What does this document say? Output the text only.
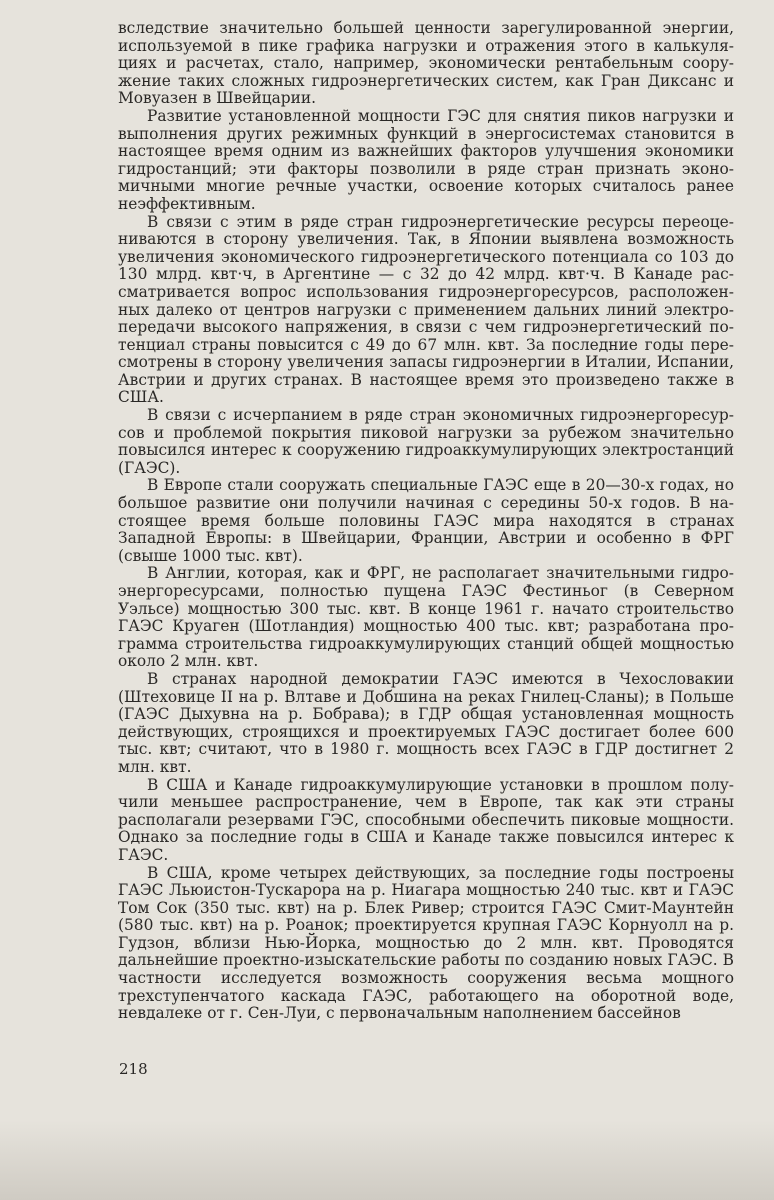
вследствие значительно большей ценности зарегулированной энергии, используемой в пике графика нагрузки и отражения этого в калькуляциях и расчетах, стало, например, экономически рентабельным сооружение таких сложных гидроэнергетических систем, как Гран Диксанс и Мовуазен в Швейцарии.

Развитие установленной мощности ГЭС для снятия пиков нагрузки и выполнения других режимных функций в энергосистемах становится в настоящее время одним из важнейших факторов улучшения экономики гидростанций; эти факторы позволили в ряде стран признать экономичными многие речные участки, освоение которых считалось ранее неэффективным.

В связи с этим в ряде стран гидроэнергетические ресурсы переоцениваются в сторону увеличения. Так, в Японии выявлена возможность увеличения экономического гидроэнергетического потенциала со 103 до 130 млрд. квт·ч, в Аргентине — с 32 до 42 млрд. квт·ч. В Канаде рассматривается вопрос использования гидроэнергоресурсов, расположенных далеко от центров нагрузки с применением дальних линий электропередачи высокого напряжения, в связи с чем гидроэнергетический потенциал страны повысится с 49 до 67 млн. квт. За последние годы пересмотрены в сторону увеличения запасы гидроэнергии в Италии, Испании, Австрии и других странах. В настоящее время это произведено также в США.

В связи с исчерпанием в ряде стран экономичных гидроэнергоресурсов и проблемой покрытия пиковой нагрузки за рубежом значительно повысился интерес к сооружению гидроаккумулирующих электростанций (ГАЭС).

В Европе стали сооружать специальные ГАЭС еще в 20—30-х годах, но большое развитие они получили начиная с середины 50-х годов. В настоящее время больше половины ГАЭС мира находятся в странах Западной Европы: в Швейцарии, Франции, Австрии и особенно в ФРГ (свыше 1000 тыс. квт).

В Англии, которая, как и ФРГ, не располагает значительными гидроэнергоресурсами, полностью пущена ГАЭС Фестиньог (в Северном Уэльсе) мощностью 300 тыс. квт. В конце 1961 г. начато строительство ГАЭС Круаген (Шотландия) мощностью 400 тыс. квт; разработана программа строительства гидроаккумулирующих станций общей мощностью около 2 млн. квт.

В странах народной демократии ГАЭС имеются в Чехословакии (Штеховице II на р. Влтаве и Добшина на реках Гнилец-Сланы); в Польше (ГАЭС Дыхувна на р. Бобрава); в ГДР общая установленная мощность действующих, строящихся и проектируемых ГАЭС достигает более 600 тыс. квт; считают, что в 1980 г. мощность всех ГАЭС в ГДР достигнет 2 млн. квт.

В США и Канаде гидроаккумулирующие установки в прошлом получили меньшее распространение, чем в Европе, так как эти страны располагали резервами ГЭС, способными обеспечить пиковые мощности. Однако за последние годы в США и Канаде также повысился интерес к ГАЭС.

В США, кроме четырех действующих, за последние годы построены ГАЭС Льюистон-Тускарора на р. Ниагара мощностью 240 тыс. квт и ГАЭС Том Сок (350 тыс. квт) на р. Блек Ривер; строится ГАЭС Смит-Маунтейн (580 тыс. квт) на р. Роанок; проектируется крупная ГАЭС Корнуолл на р. Гудзон, вблизи Нью-Йорка, мощностью до 2 млн. квт. Проводятся дальнейшие проектно-изыскательские работы по созданию новых ГАЭС. В частности исследуется возможность сооружения весьма мощного трехступенчатого каскада ГАЭС, работающего на оборотной воде, невдалеке от г. Сен-Луи, с первоначальным наполнением бассейнов

218
